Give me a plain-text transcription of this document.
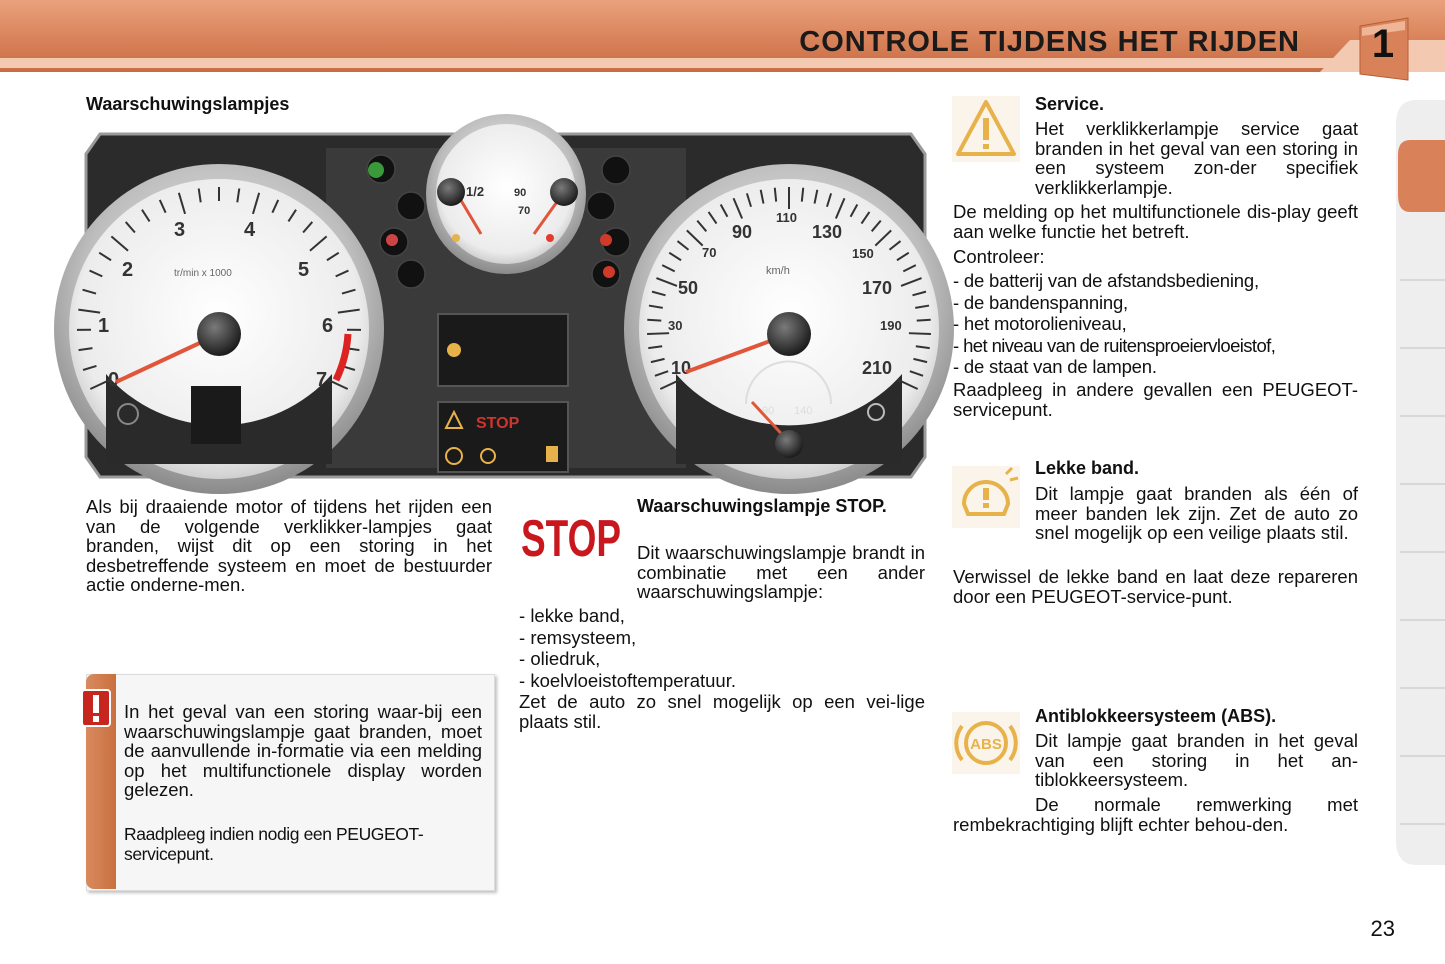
CONTROLE TIJDENS HET RIJDEN 1
Waarschuwingslampjes
0
1
2
3	4
5
6
7
tr/min x 1000
10
30
50
70
90
110
130
150
170
190
210
km/h
90 140
1/2	90
70
STOP
Als bij draaiende motor of tijdens het rijden een van de volgende verklikker-lampjes gaat branden, wijst dit op een storing in het desbetreffende systeem en moet de bestuurder actie onderne-men.
In het geval van een storing waar-bij een waarschuwingslampje gaat branden, moet de aanvullende in-formatie via een melding op het multifunctionele display worden gelezen.
Raadpleeg indien nodig een PEUGEOT-servicepunt.
STOP
Waarschuwingslampje STOP.
Dit waarschuwingslampje brandt in combinatie met een ander waarschuwingslampje:
- lekke band,
- remsysteem,
- oliedruk,
- koelvloeistoftemperatuur.
Zet de auto zo snel mogelijk op een vei-lige plaats stil.
Service.
Het verklikkerlampje service gaat branden in het geval van een storing in een systeem zon-der specifiek verklikkerlampje.
De melding op het multifunctionele dis-play geeft aan welke functie het betreft.
Controleer:
- de batterij van de afstandsbediening,
- de bandenspanning,
- het motorolieniveau,
- het niveau van de ruitensproeiervloeistof,
- de staat van de lampen.
Raadpleeg in andere gevallen een PEUGEOT-servicepunt.
Lekke band.
Dit lampje gaat branden als één of meer banden lek zijn. Zet de auto zo snel mogelijk op een veilige plaats stil.
Verwissel de lekke band en laat deze repareren door een PEUGEOT-service-punt.
ABS
Antiblokkeersysteem (ABS).
Dit lampje gaat branden in het geval van een storing in het an-tiblokkeersysteem.
De normale remwerking met rembekrachtiging blijft echter behou-den.
23
